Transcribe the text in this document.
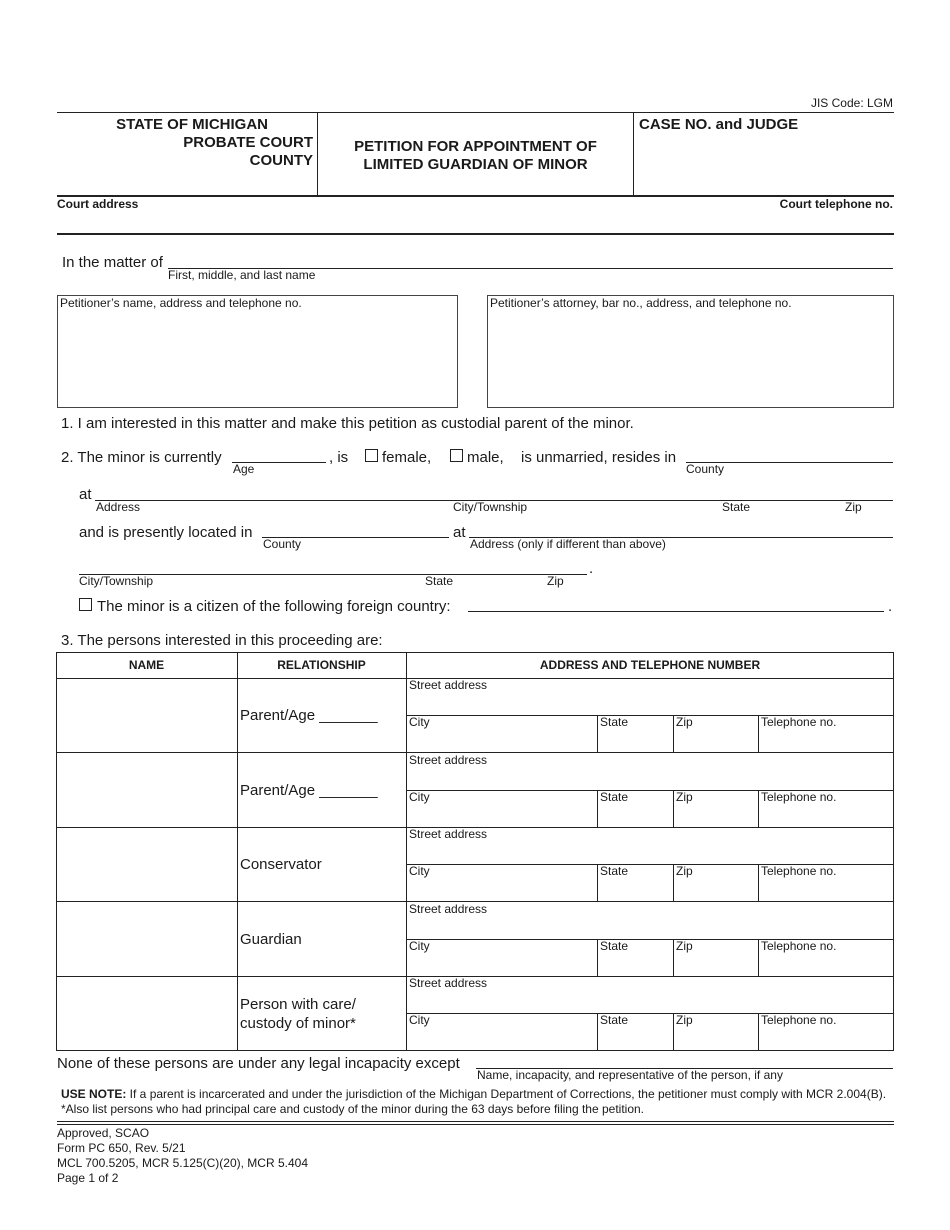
JIS Code: LGM
STATE OF MICHIGAN
PROBATE COURT
COUNTY
PETITION FOR APPOINTMENT OF
LIMITED GUARDIAN OF MINOR
CASE NO. and JUDGE
Court address	Court telephone no.
In the matter of
First, middle, and last name
Petitioner’s name, address and telephone no.	Petitioner’s attorney, bar no., address, and telephone no.
1. I am interested in this matter and make this petition as custodial parent of the minor.
2. The minor is currently
Age
, is female, male, is unmarried, resides in
County
at
Address	City/Township	State	Zip
and is presently located in
County
at
Address (only if different than above)
.
City/Township	State	Zip
The minor is a citizen of the following foreign country:	.
3. The persons interested in this proceeding are:
NAME	RELATIONSHIP	ADDRESS AND TELEPHONE NUMBER
Parent/Age _______
Street address
City	State	Zip	Telephone no.
Parent/Age _______
Street address
City	State	Zip	Telephone no.
Conservator
Street address
City	State	Zip	Telephone no.
Guardian
Street address
City	State	Zip	Telephone no.
Person with care/
custody of minor*
Street address
City	State	Zip	Telephone no.
None of these persons are under any legal incapacity except
Name, incapacity, and representative of the person, if any
USE NOTE: If a parent is incarcerated and under the jurisdiction of the Michigan Department of Corrections, the petitioner must comply with MCR 2.004(B).
*Also list persons who had principal care and custody of the minor during the 63 days before filing the petition.
Approved, SCAO
Form PC 650, Rev. 5/21
MCL 700.5205, MCR 5.125(C)(20), MCR 5.404
Page 1 of 2
